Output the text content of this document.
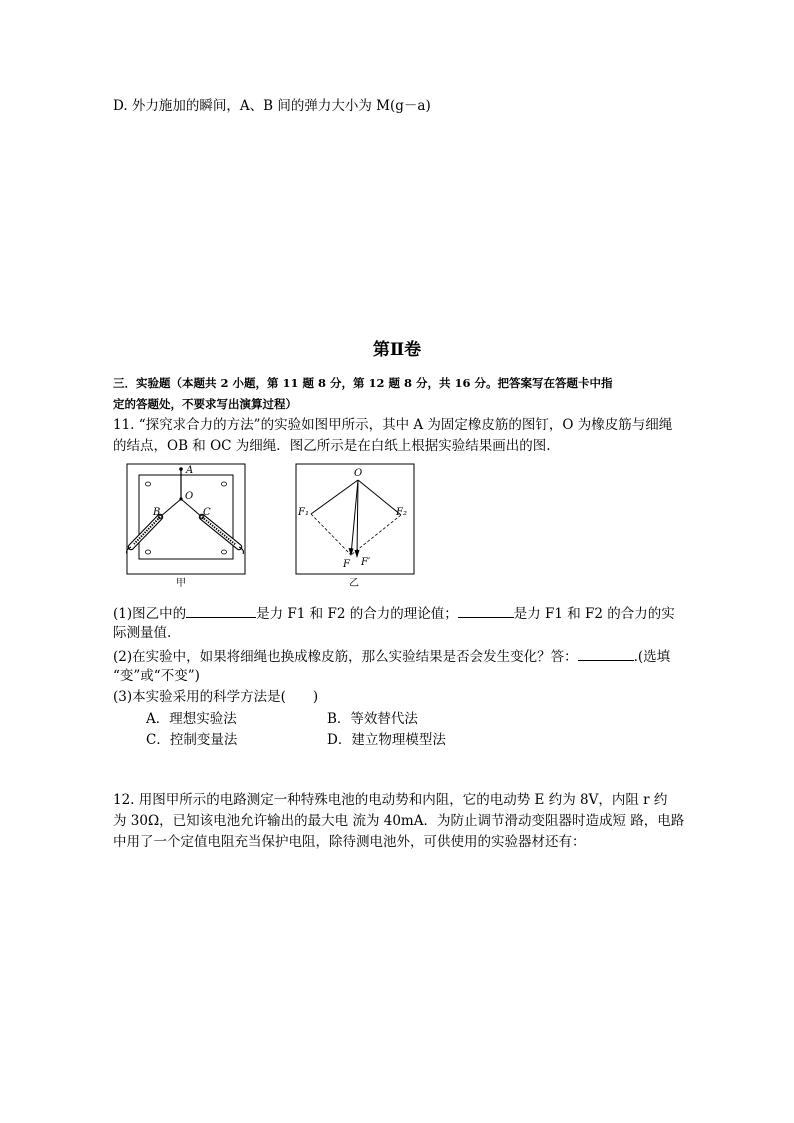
D. 外力施加的瞬间，A、B 间的弹力大小为 M(g－a)
第Ⅱ卷
三．实验题（本题共 2 小题，第 11 题 8 分，第 12 题 8 分，共 16 分。把答案写在答题卡中指
定的答题处，不要求写出演算过程）
11. “探究求合力的方法”的实验如图甲所示，其中 A 为固定橡皮筋的图钉，O 为橡皮筋与细绳
的结点，OB 和 OC 为细绳．图乙所示是在白纸上根据实验结果画出的图.
A
O
B	C
甲
O
F₁	F₂
F F′
乙
(1)图乙中的	是力 F1 和 F2 的合力的理论值；	是力 F1 和 F2 的合力的实
际测量值.
(2)在实验中，如果将细绳也换成橡皮筋，那么实验结果是否会发生变化？答：	.(选填
“变”或“不变”)
(3)本实验采用的科学方法是(　　)
A．理想实验法	B．等效替代法
C．控制变量法	D．建立物理模型法
12. 用图甲所示的电路测定一种特殊电池的电动势和内阻，它的电动势 E 约为 8V，内阻 r 约
为 30Ω，已知该电池允许输出的最大电 流为 40mA．为防止调节滑动变阻器时造成短 路，电路
中用了一个定值电阻充当保护电阻，除待测电池外，可供使用的实验器材还有：
